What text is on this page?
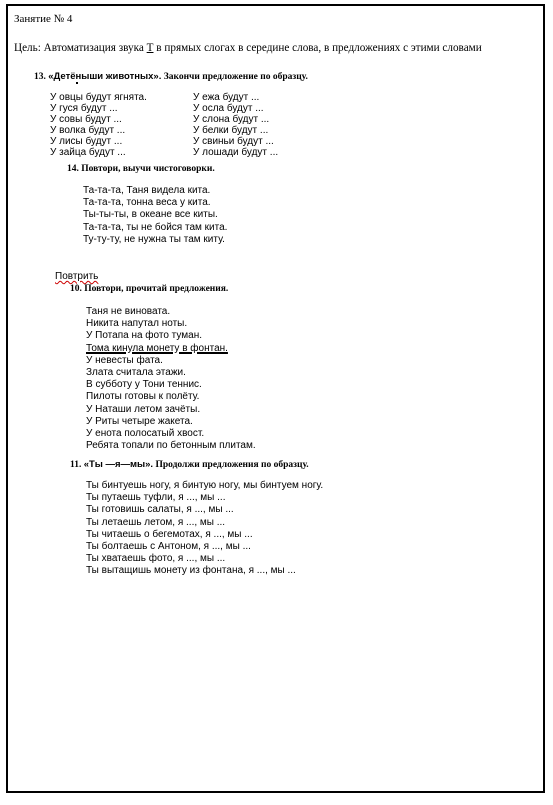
Занятие № 4
Цель: Автоматизация звука Т в прямых слогах в середине слова, в предложениях с этими словами
13. «Детёныши животных». Закончи предложение по образцу.
У овцы будут ягнята.
У гуся будут ...
У совы будут ...
У волка будут ...
У лисы будут ...
У зайца будут ...
У ежа будут ...
У осла будут ...
У слона будут ...
У белки будут ...
У свиньи будут ...
У лошади будут ...
14. Повтори, выучи чистоговорки.
Та-та-та, Таня видела кита.
Та-та-та, тонна веса у кита.
Ты-ты-ты, в океане все киты.
Та-та-та, ты не бойся там кита.
Ту-ту-ту, не нужна ты там киту.
Повтрить
10. Повтори, прочитай предложения.
Таня не виновата.
Никита напутал ноты.
У Потапа на фото туман.
Тома кинула монету в фонтан.
У невесты фата.
Злата считала этажи.
В субботу у Тони теннис.
Пилоты готовы к полёту.
У Наташи летом зачёты.
У Риты четыре жакета.
У енота полосатый хвост.
Ребята топали по бетонным плитам.
11. «Ты —я—мы». Продолжи предложения по образцу.
Ты бинтуешь ногу, я бинтую ногу, мы бинтуем ногу.
Ты путаешь туфли, я ..., мы ...
Ты готовишь салаты, я ..., мы ...
Ты летаешь летом, я ..., мы ...
Ты читаешь о бегемотах, я ..., мы ...
Ты болтаешь с Антоном, я ..., мы ...
Ты хватаешь фото, я ..., мы ...
Ты вытащишь монету из фонтана, я ..., мы ...
